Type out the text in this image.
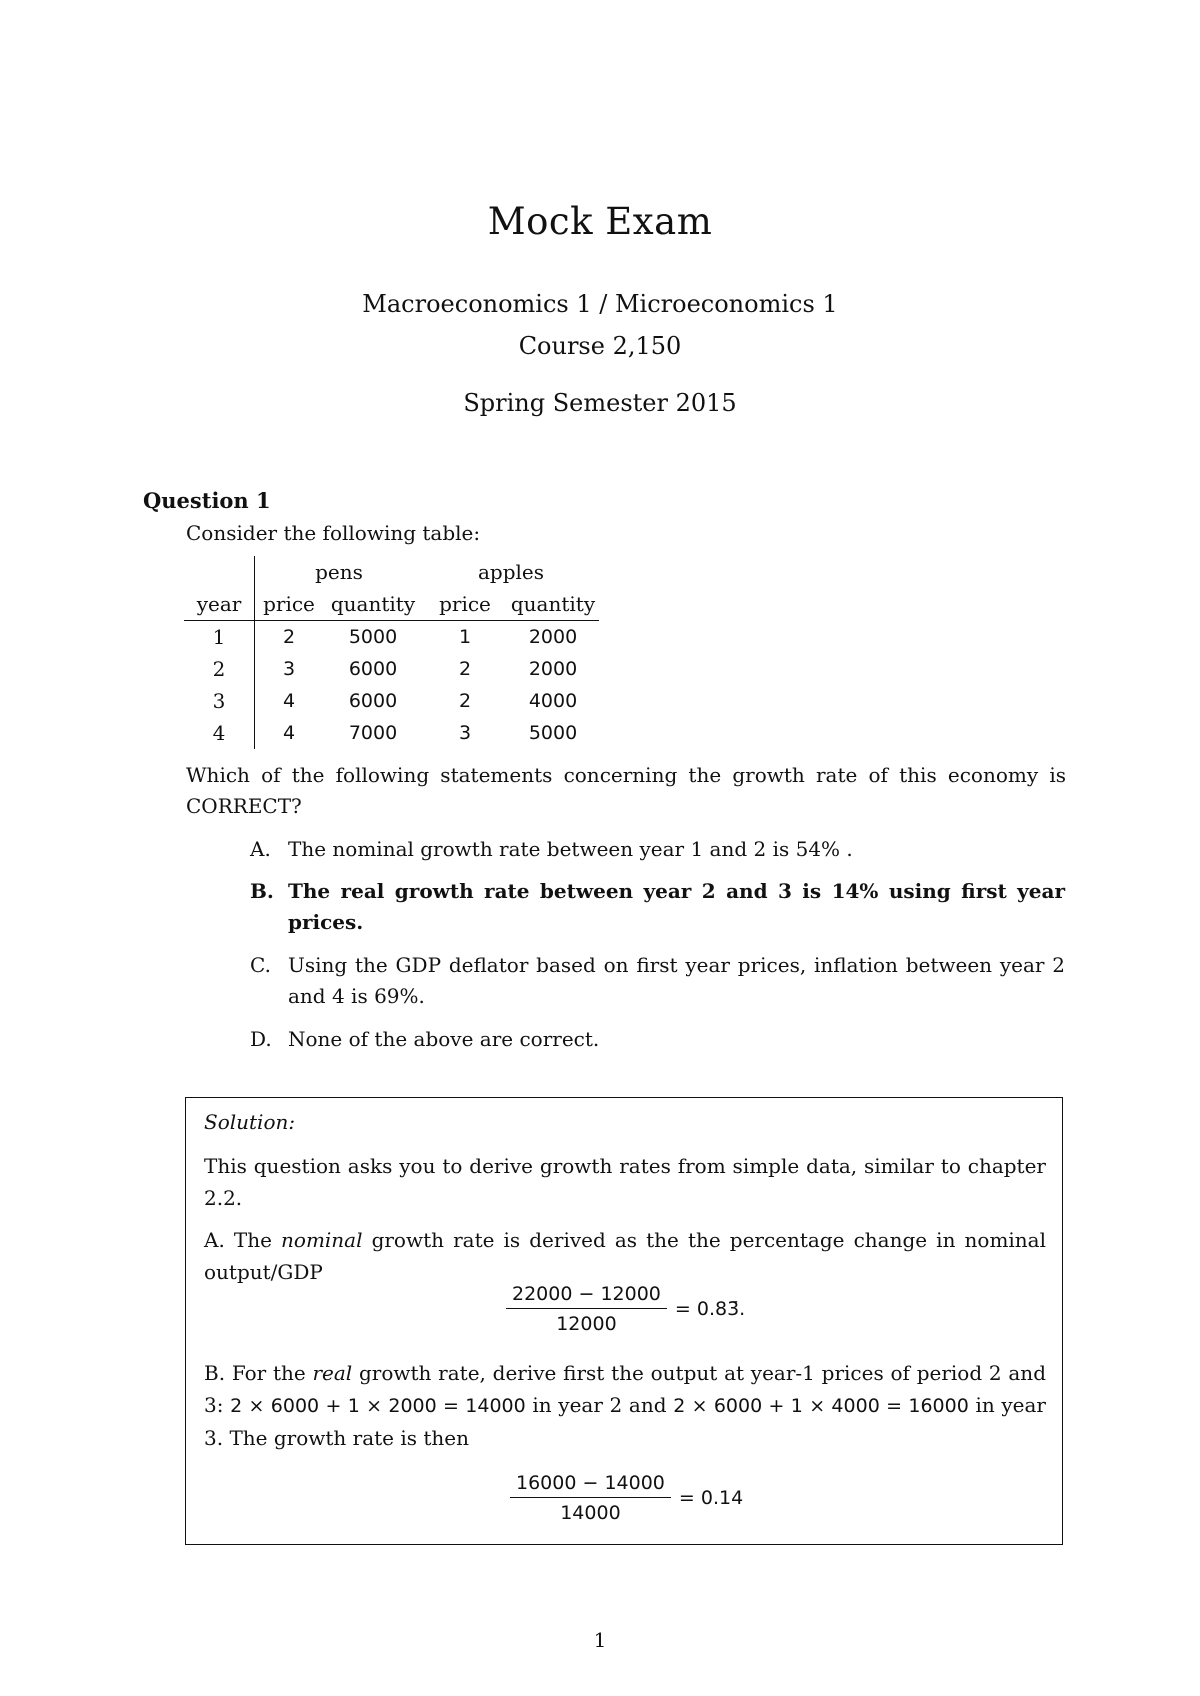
Mock Exam
Macroeconomics 1 / Microeconomics 1
Course 2,150
Spring Semester 2015
Question 1
Consider the following table:
	pens		apples	
year	price	quantity	price	quantity
1	2	5000	1	2000
2	3	6000	2	2000
3	4	6000	2	4000
4	4	7000	3	5000
Which of the following statements concerning the growth rate of this economy is CORRECT?
A. The nominal growth rate between year 1 and 2 is 54% .
B. The real growth rate between year 2 and 3 is 14% using first year prices.
C. Using the GDP deflator based on first year prices, inflation between year 2 and 4 is 69%.
D. None of the above are correct.
Solution:
This question asks you to derive growth rates from simple data, similar to chapter 2.2.
A. The nominal growth rate is derived as the the percentage change in nominal output/GDP
$\frac{22000 - 12000}{12000}$ = 0.83̄.
B. For the real growth rate, derive first the output at year-1 prices of period 2 and 3: 2 × 6000 + 1 × 2000 = 14000 in year 2 and 2 × 6000 + 1 × 4000 = 16000 in year 3. The growth rate is then
$\frac{16000 - 14000}{14000} = 0.14$
1
